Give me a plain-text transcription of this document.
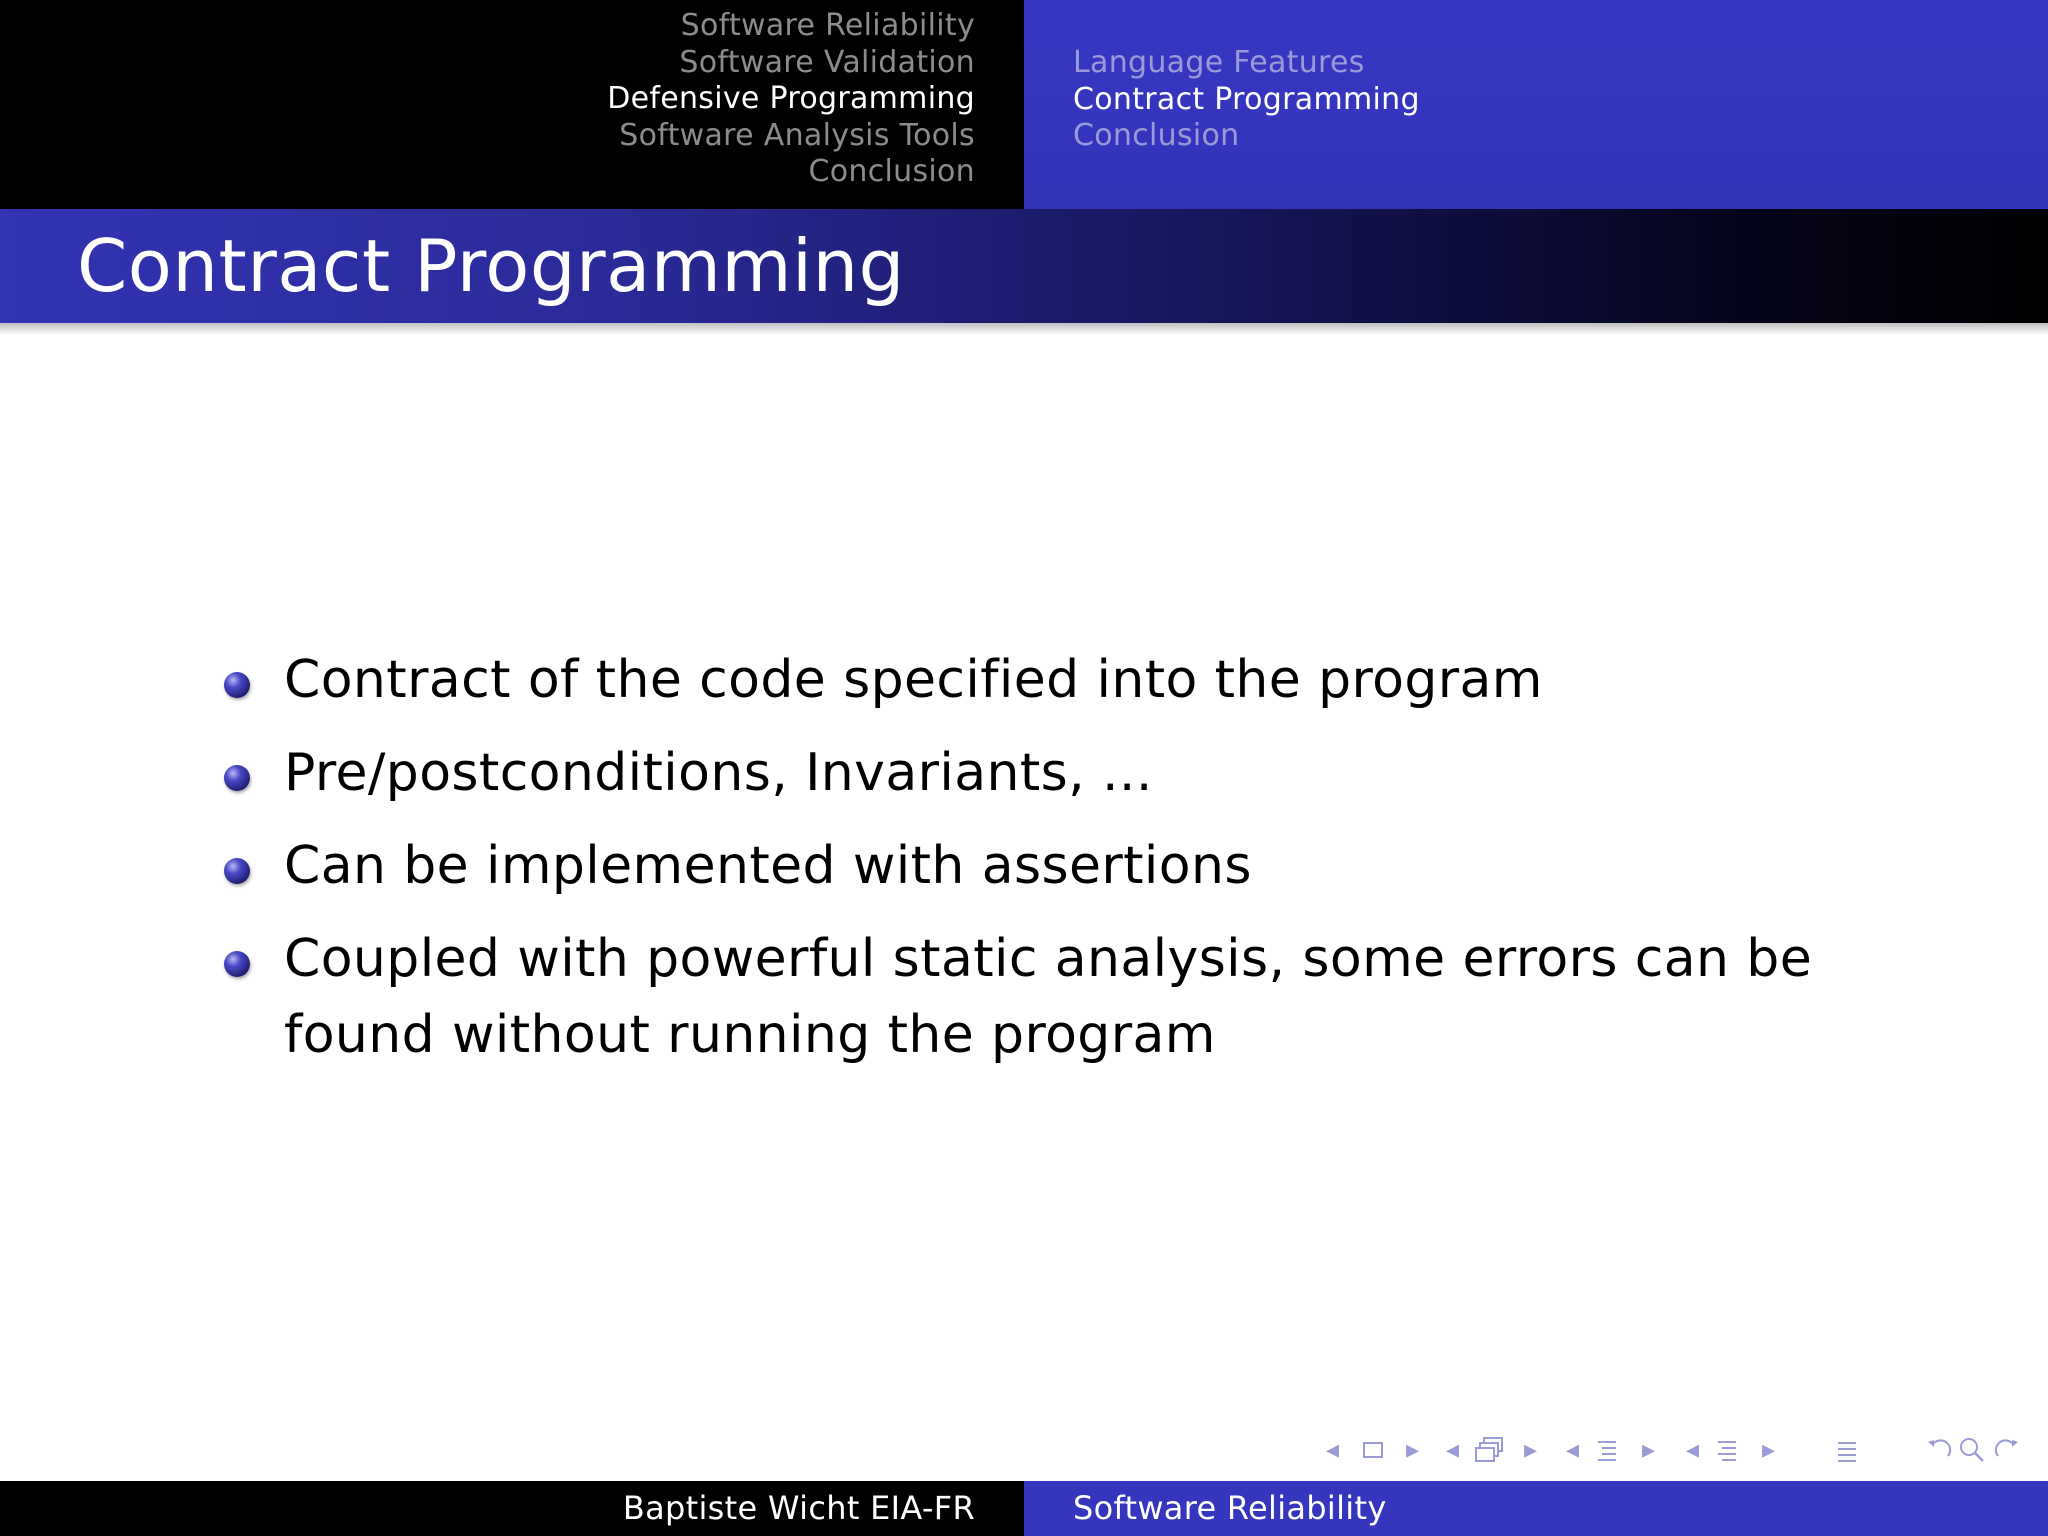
Software Reliability
Software Validation
Defensive Programming
Software Analysis Tools
Conclusion
Language Features
Contract Programming
Conclusion
Contract Programming
Contract of the code specified into the program
Pre/postconditions, Invariants, ...
Can be implemented with assertions
Coupled with powerful static analysis, some errors can be found without running the program
◂	▸ ◂ ▸ ◂ ▸ ◂ ▸
Baptiste Wicht EIA-FR	Software Reliability
